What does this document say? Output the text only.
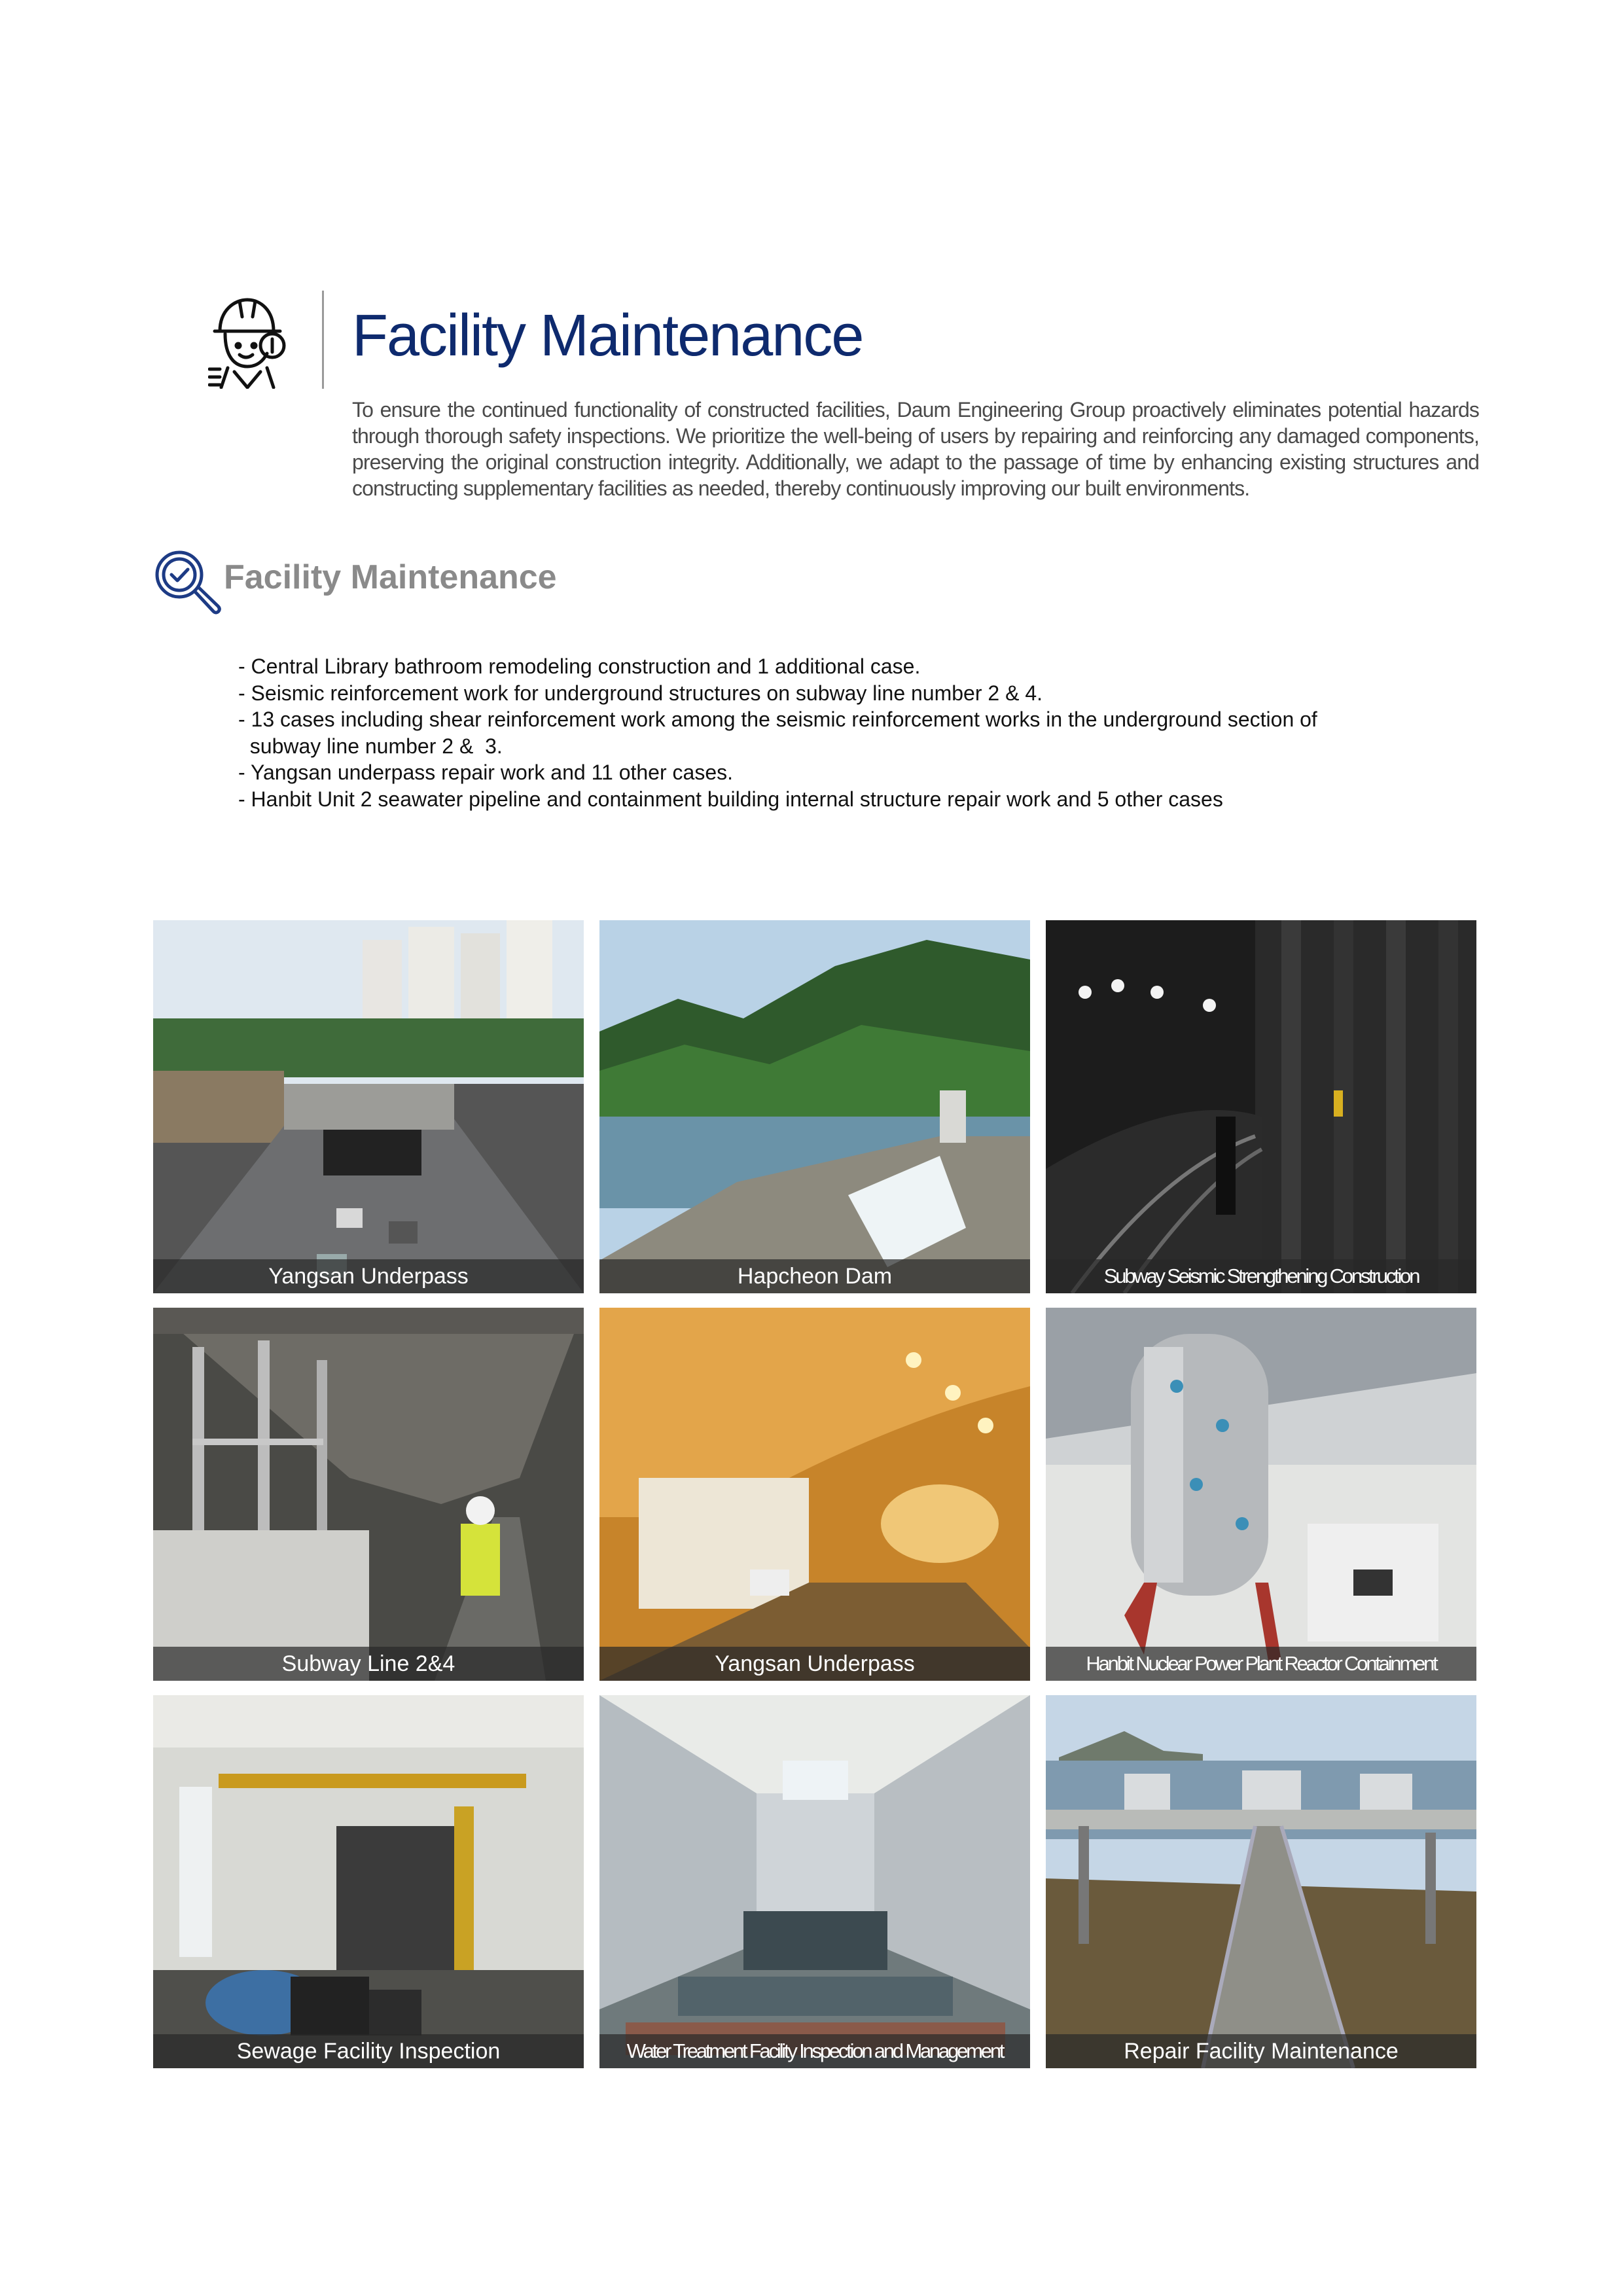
Facility Maintenance

To ensure the continued functionality of constructed facilities, Daum Engineering Group proactively eliminates potential hazards through thorough safety inspections. We prioritize the well-being of users by repairing and reinforcing any damaged components, preserving the original construction integrity. Additionally, we adapt to the passage of time by enhancing existing structures and constructing supplementary facilities as needed, thereby continuously improving our built environments.

Facility Maintenance
- Central Library bathroom remodeling construction and 1 additional case.
- Seismic reinforcement work for underground structures on subway line number 2 & 4.
- 13 cases including shear reinforcement work among the seismic reinforcement works in the underground section of
subway line number 2 &  3.
- Yangsan underpass repair work and 11 other cases.
- Hanbit Unit 2 seawater pipeline and containment building internal structure repair work and 5 other cases
Yangsan Underpass	Hapcheon Dam	Subway Seismic Strengthening Construction
Subway Line 2&4	Yangsan Underpass	Hanbit Nuclear Power Plant Reactor Containment
Sewage Facility Inspection	Water Treatment Facility Inspection and Management	Repair Facility Maintenance
